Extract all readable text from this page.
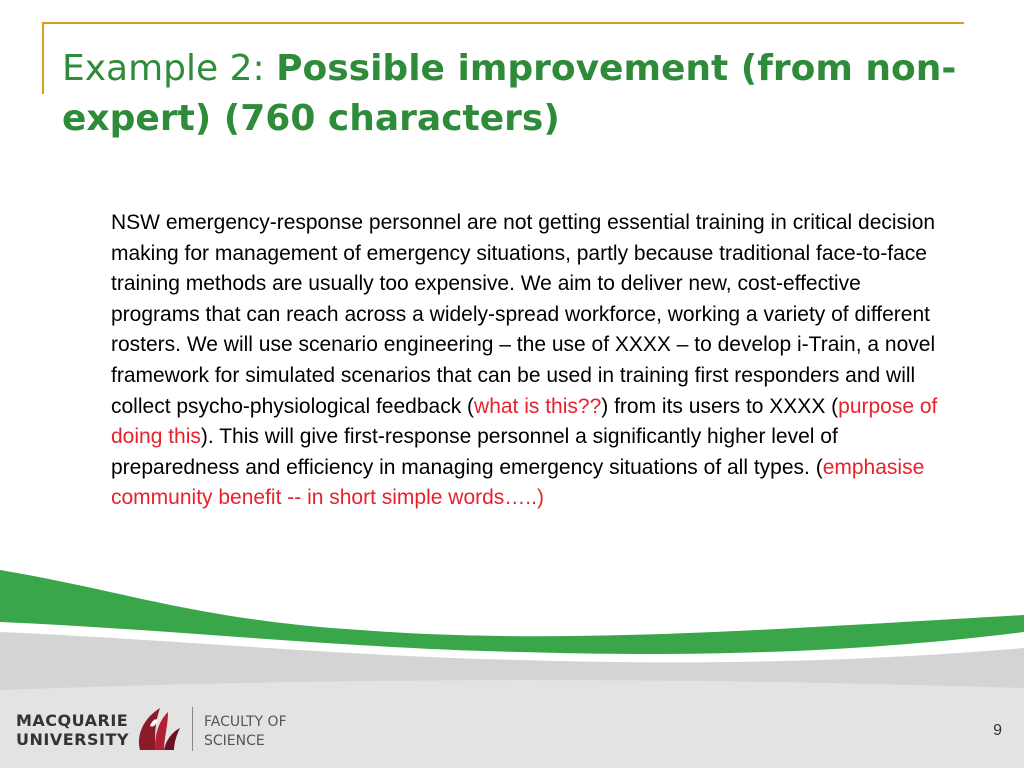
Example 2: Possible improvement (from non-expert) (760 characters)
NSW emergency-response personnel are not getting essential training in critical decision making for management of emergency situations, partly because traditional face-to-face training methods are usually too expensive. We aim to deliver new, cost-effective programs that can reach across a widely-spread workforce, working a variety of different rosters. We will use scenario engineering – the use of XXXX – to develop i-Train, a novel framework for simulated scenarios that can be used in training first responders and will collect psycho-physiological feedback (what is this??) from its users to XXXX (purpose of doing this). This will give first-response personnel a significantly higher level of preparedness and efficiency in managing emergency situations of all types. (emphasise community benefit -- in short simple words…..)
MACQUARIE
UNIVERSITY
FACULTY OF
SCIENCE
9
